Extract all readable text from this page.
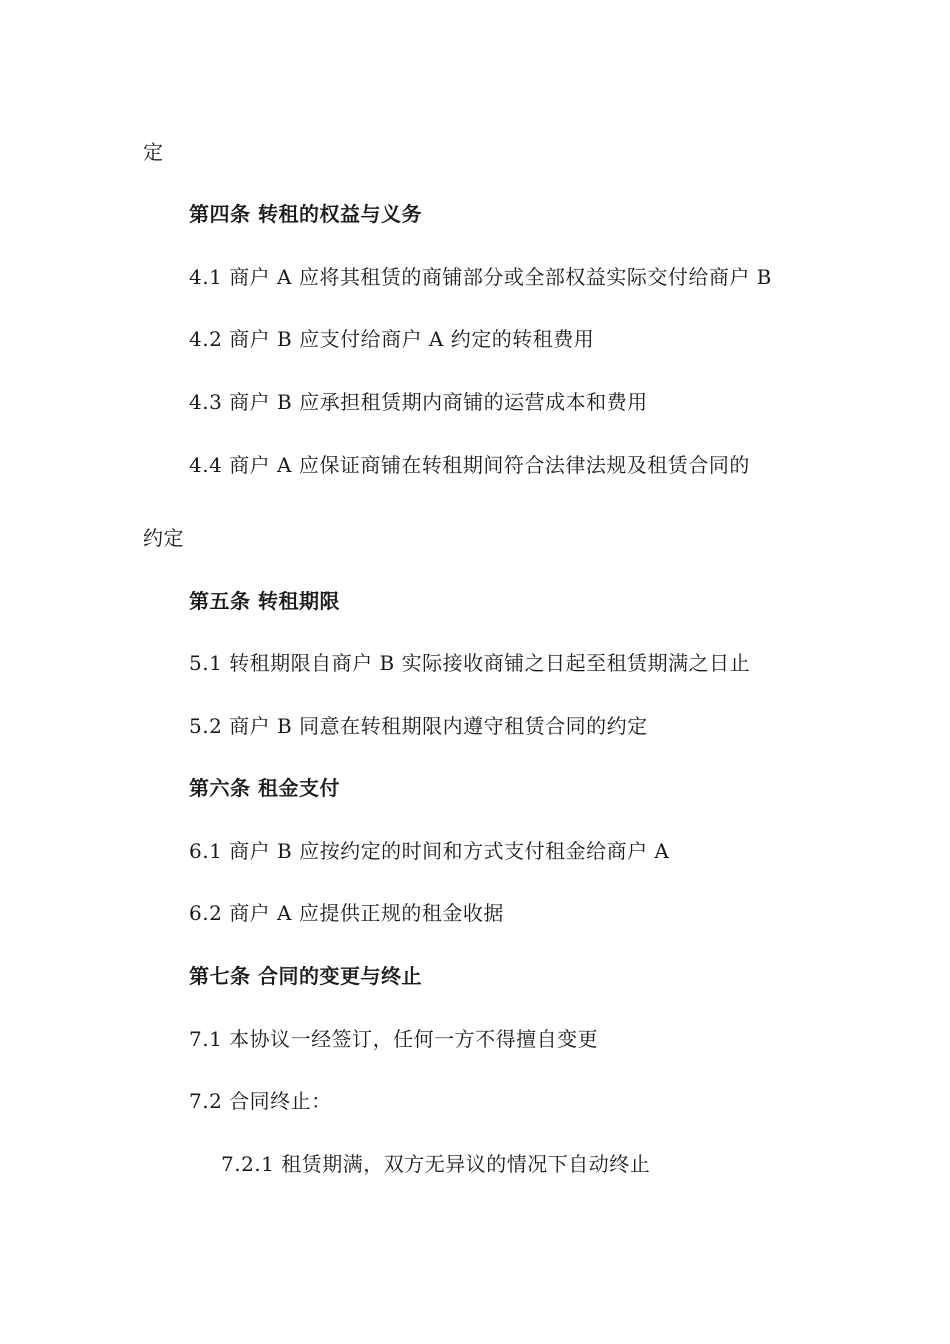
定
第四条 转租的权益与义务
4.1 商户 A 应将其租赁的商铺部分或全部权益实际交付给商户 B
4.2 商户 B 应支付给商户 A 约定的转租费用
4.3 商户 B 应承担租赁期内商铺的运营成本和费用
4.4 商户 A 应保证商铺在转租期间符合法律法规及租赁合同的
约定
第五条 转租期限
5.1 转租期限自商户 B 实际接收商铺之日起至租赁期满之日止
5.2 商户 B 同意在转租期限内遵守租赁合同的约定
第六条 租金支付
6.1 商户 B 应按约定的时间和方式支付租金给商户 A
6.2 商户 A 应提供正规的租金收据
第七条 合同的变更与终止
7.1 本协议一经签订，任何一方不得擅自变更
7.2 合同终止：
7.2.1 租赁期满，双方无异议的情况下自动终止
